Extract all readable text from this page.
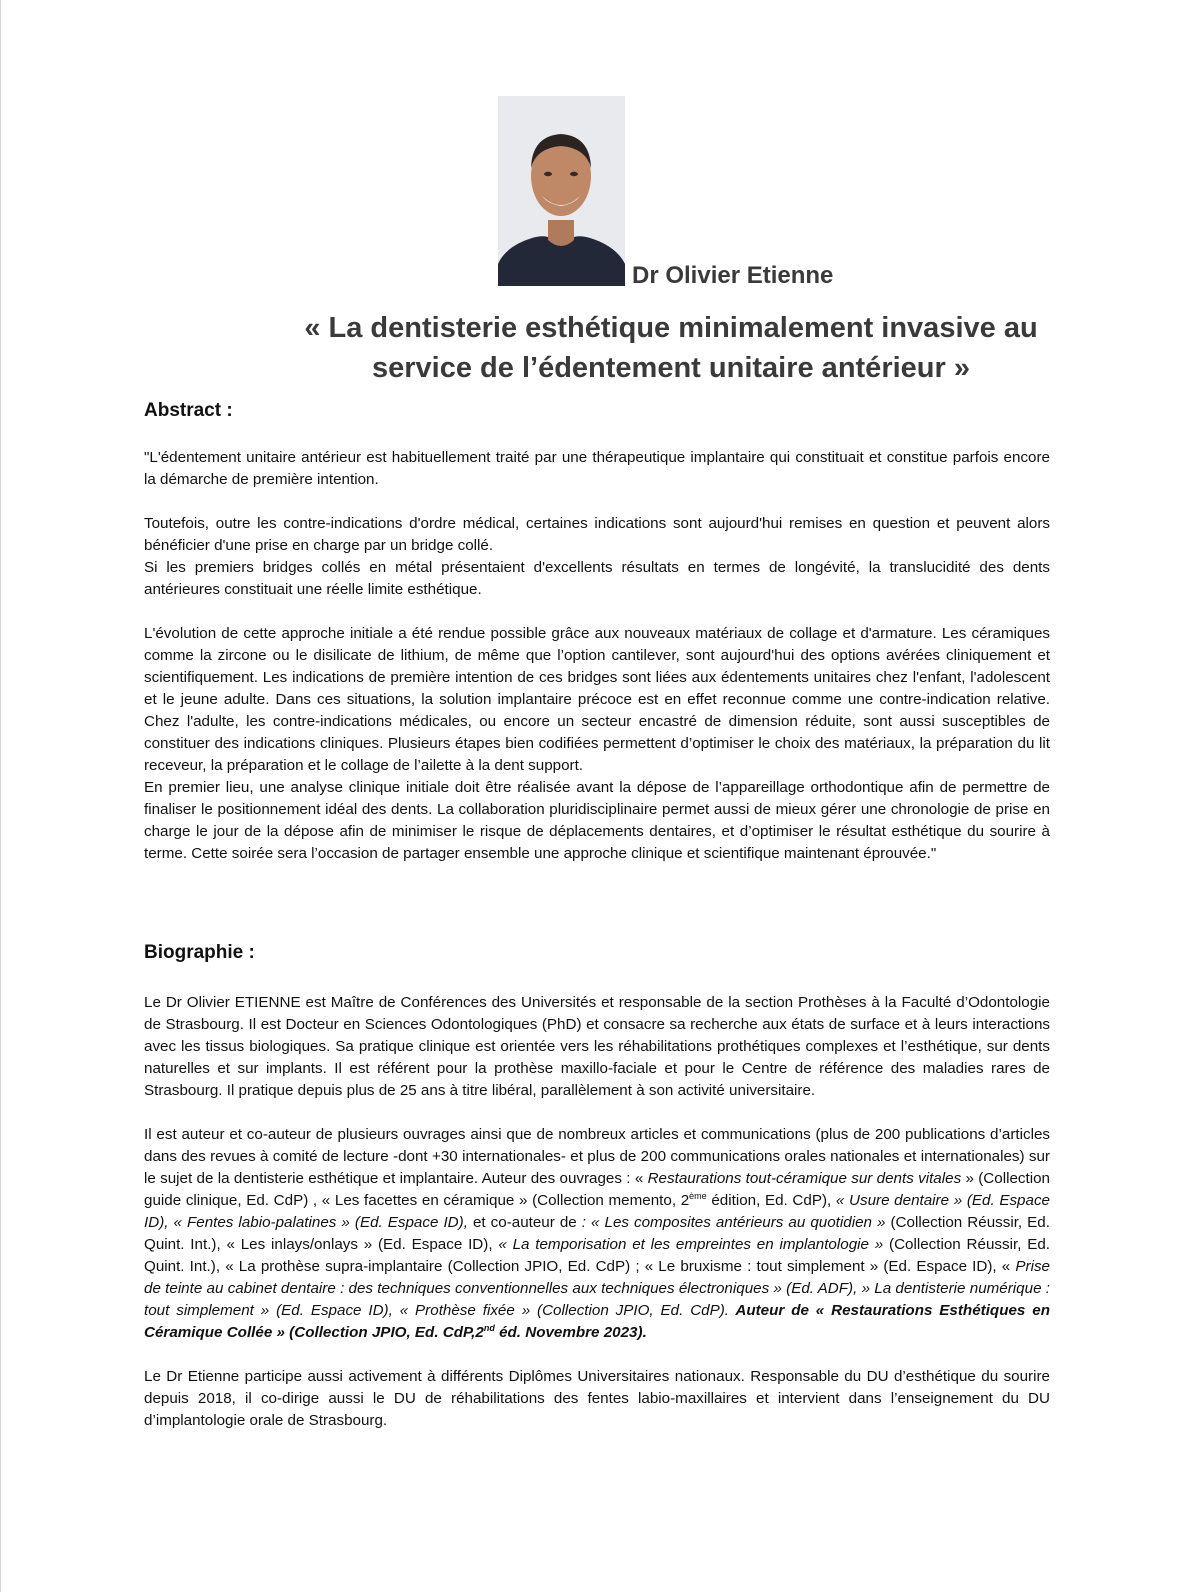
Dr Olivier Etienne
« La dentisterie esthétique minimalement invasive au
service de l’édentement unitaire antérieur »
Abstract :

"L'édentement unitaire antérieur est habituellement traité par une thérapeutique implantaire qui constituait et constitue parfois encore la démarche de première intention.

Toutefois, outre les contre-indications d'ordre médical, certaines indications sont aujourd'hui remises en question et peuvent alors bénéficier d'une prise en charge par un bridge collé.

Si les premiers bridges collés en métal présentaient d'excellents résultats en termes de longévité, la translucidité des dents antérieures constituait une réelle limite esthétique.

L'évolution de cette approche initiale a été rendue possible grâce aux nouveaux matériaux de collage et d'armature. Les céramiques comme la zircone ou le disilicate de lithium, de même que l’option cantilever, sont aujourd'hui des options avérées cliniquement et scientifiquement. Les indications de première intention de ces bridges sont liées aux édentements unitaires chez l'enfant, l'adolescent et le jeune adulte. Dans ces situations, la solution implantaire précoce est en effet reconnue comme une contre-indication relative. Chez l'adulte, les contre-indications médicales, ou encore un secteur encastré de dimension réduite, sont aussi susceptibles de constituer des indications cliniques. Plusieurs étapes bien codifiées permettent d’optimiser le choix des matériaux, la préparation du lit receveur, la préparation et le collage de l’ailette à la dent support.

En premier lieu, une analyse clinique initiale doit être réalisée avant la dépose de l’appareillage orthodontique afin de permettre de finaliser le positionnement idéal des dents. La collaboration pluridisciplinaire permet aussi de mieux gérer une chronologie de prise en charge le jour de la dépose afin de minimiser le risque de déplacements dentaires, et d’optimiser le résultat esthétique du sourire à terme. Cette soirée sera l’occasion de partager ensemble une approche clinique et scientifique maintenant éprouvée."

Biographie :

Le Dr Olivier ETIENNE est Maître de Conférences des Universités et responsable de la section Prothèses à la Faculté d’Odontologie de Strasbourg. Il est Docteur en Sciences Odontologiques (PhD) et consacre sa recherche aux états de surface et à leurs interactions avec les tissus biologiques. Sa pratique clinique est orientée vers les réhabilitations prothétiques complexes et l’esthétique, sur dents naturelles et sur implants. Il est référent pour la prothèse maxillo-faciale et pour le Centre de référence des maladies rares de Strasbourg. Il pratique depuis plus de 25 ans à titre libéral, parallèlement à son activité universitaire.

Il est auteur et co-auteur de plusieurs ouvrages ainsi que de nombreux articles et communications (plus de 200 publications d’articles dans des revues à comité de lecture -dont +30 internationales- et plus de 200 communications orales nationales et internationales) sur le sujet de la dentisterie esthétique et implantaire. Auteur des ouvrages : « Restaurations tout-céramique sur dents vitales » (Collection guide clinique, Ed. CdP) , « Les facettes en céramique » (Collection memento, 2ème édition, Ed. CdP), « Usure dentaire » (Ed. Espace ID), « Fentes labio-palatines » (Ed. Espace ID), et co-auteur de : « Les composites antérieurs au quotidien » (Collection Réussir, Ed. Quint. Int.), « Les inlays/onlays » (Ed. Espace ID), « La temporisation et les empreintes en implantologie » (Collection Réussir, Ed. Quint. Int.), « La prothèse supra-implantaire (Collection JPIO, Ed. CdP) ; « Le bruxisme : tout simplement » (Ed. Espace ID), « Prise de teinte au cabinet dentaire : des techniques conventionnelles aux techniques électroniques » (Ed. ADF), » La dentisterie numérique : tout simplement » (Ed. Espace ID), « Prothèse fixée » (Collection JPIO, Ed. CdP). Auteur de « Restaurations Esthétiques en Céramique Collée » (Collection JPIO, Ed. CdP,2nd éd. Novembre 2023).

Le Dr Etienne participe aussi activement à différents Diplômes Universitaires nationaux. Responsable du DU d’esthétique du sourire depuis 2018, il co-dirige aussi le DU de réhabilitations des fentes labio-maxillaires et intervient dans l’enseignement du DU d’implantologie orale de Strasbourg.
